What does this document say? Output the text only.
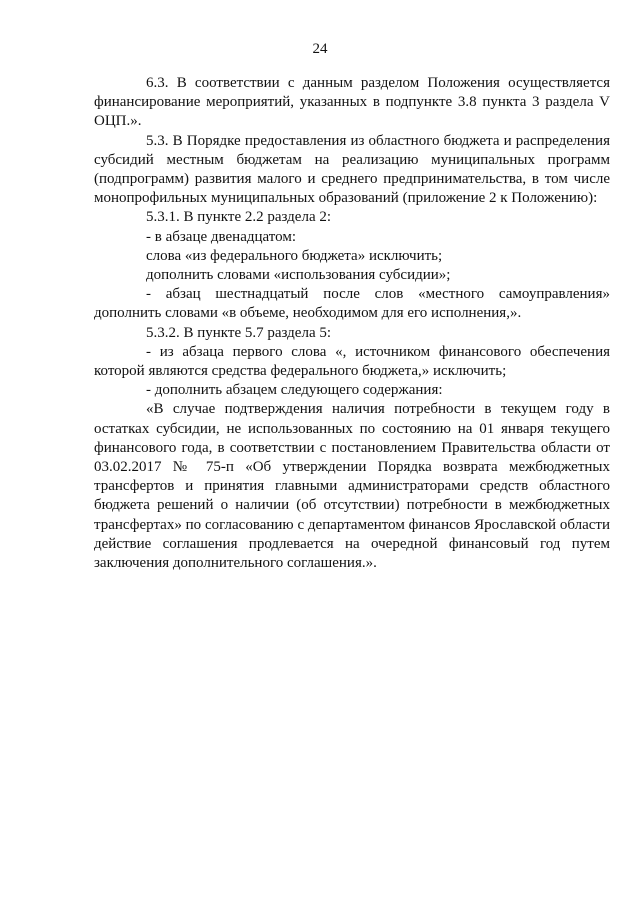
24

6.3. В соответствии с данным разделом Положения осуществляется финансирование мероприятий, указанных в подпункте 3.8 пункта 3 раздела V ОЦП.».

5.3. В Порядке предоставления из областного бюджета и распределения субсидий местным бюджетам на реализацию муниципальных программ (подпрограмм) развития малого и среднего предпринимательства, в том числе монопрофильных муниципальных образований (приложение 2 к Положению):

5.3.1. В пункте 2.2 раздела 2:

- в абзаце двенадцатом:

слова «из федерального бюджета» исключить;

дополнить словами «использования субсидии»;

- абзац шестнадцатый после слов «местного самоуправления» дополнить словами «в объеме, необходимом для его исполнения,».

5.3.2. В пункте 5.7 раздела 5:

- из абзаца первого слова «, источником финансового обеспечения которой являются средства федерального бюджета,» исключить;

- дополнить абзацем следующего содержания:

«В случае подтверждения наличия потребности в текущем году в остатках субсидии, не использованных по состоянию на 01 января текущего финансового года, в соответствии с постановлением Правительства области от 03.02.2017 № 75-п «Об утверждении Порядка возврата межбюджетных трансфертов и принятия главными администраторами средств областного бюджета решений о наличии (об отсутствии) потребности в межбюджетных трансфертах» по согласованию с департаментом финансов Ярославской области действие соглашения продлевается на очередной финансовый год путем заключения дополнительного соглашения.».
